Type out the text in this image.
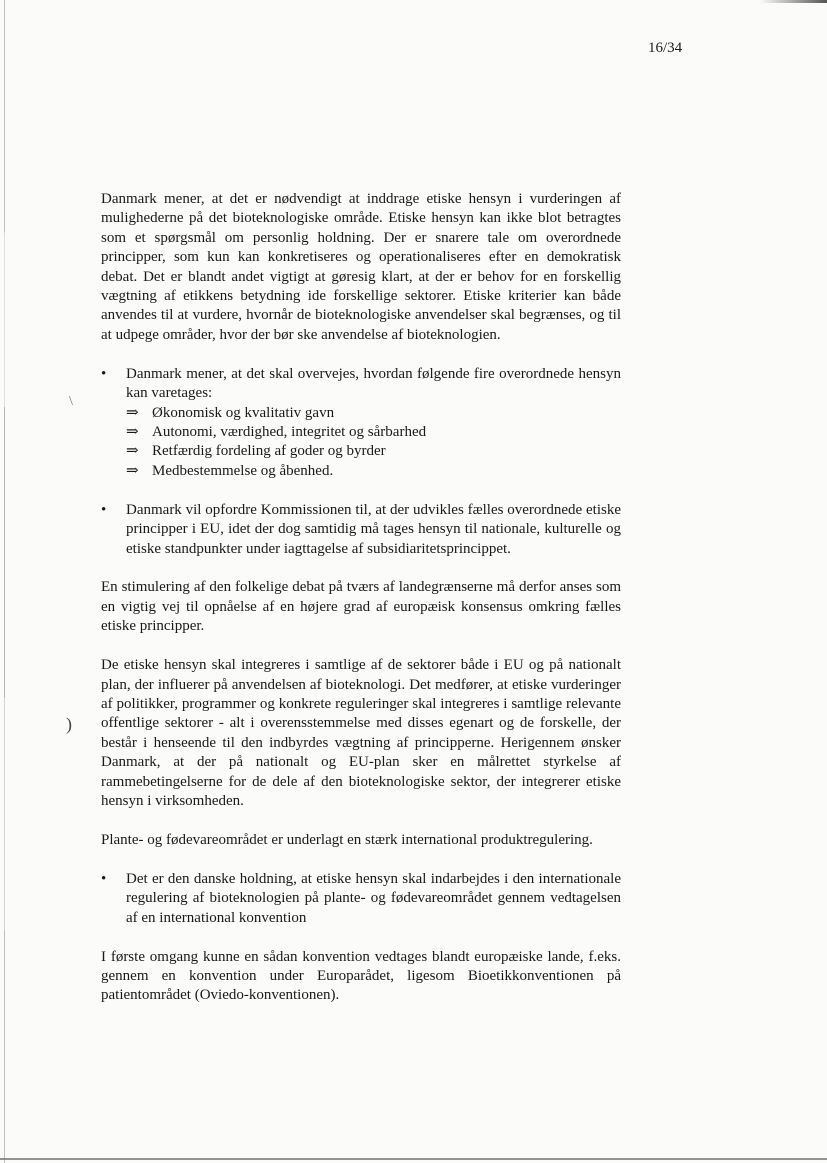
\
)
16/34

Danmark mener, at det er nødvendigt at inddrage etiske hensyn i vurderingen af mulighederne på det bioteknologiske område. Etiske hensyn kan ikke blot betragtes som et spørgsmål om personlig holdning. Der er snarere tale om overordnede principper, som kun kan konkretiseres og operationaliseres efter en demokratisk debat. Det er blandt andet vigtigt at gøresig klart, at der er behov for en forskellig vægtning af etikkens betydning ide forskellige sektorer. Etiske kriterier kan både anvendes til at vurdere, hvornår de bioteknologiske anvendelser skal begrænses, og til at udpege områder, hvor der bør ske anvendelse af bioteknologien.

•	Danmark mener, at det skal overvejes, hvordan følgende fire overordnede hensyn kan varetages:
⇒ Økonomisk og kvalitativ gavn
⇒ Autonomi, værdighed, integritet og sårbarhed
⇒ Retfærdig fordeling af goder og byrder
⇒ Medbestemmelse og åbenhed.
•	Danmark vil opfordre Kommissionen til, at der udvikles fælles overordnede etiske principper i EU, idet der dog samtidig må tages hensyn til nationale, kulturelle og etiske standpunkter under iagttagelse af subsidiaritetsprincippet.

En stimulering af den folkelige debat på tværs af landegrænserne må derfor anses som en vigtig vej til opnåelse af en højere grad af europæisk konsensus omkring fælles etiske principper.

De etiske hensyn skal integreres i samtlige af de sektorer både i EU og på nationalt plan, der influerer på anvendelsen af bioteknologi. Det medfører, at etiske vurderinger af politikker, programmer og konkrete reguleringer skal integreres i samtlige relevante offentlige sektorer - alt i overensstemmelse med disses egenart og de forskelle, der består i henseende til den indbyrdes vægtning af principperne. Herigennem ønsker Danmark, at der på nationalt og EU-plan sker en målrettet styrkelse af rammebetingelserne for de dele af den bioteknologiske sektor, der integrerer etiske hensyn i virksomheden.

Plante- og fødevareområdet er underlagt en stærk international produktregulering.

•	Det er den danske holdning, at etiske hensyn skal indarbejdes i den internationale regulering af bioteknologien på plante- og fødevareområdet gennem vedtagelsen af en international konvention

I første omgang kunne en sådan konvention vedtages blandt europæiske lande, f.eks. gennem en konvention under Europarådet, ligesom Bioetikkonventionen på patientområdet (Oviedo-konventionen).
